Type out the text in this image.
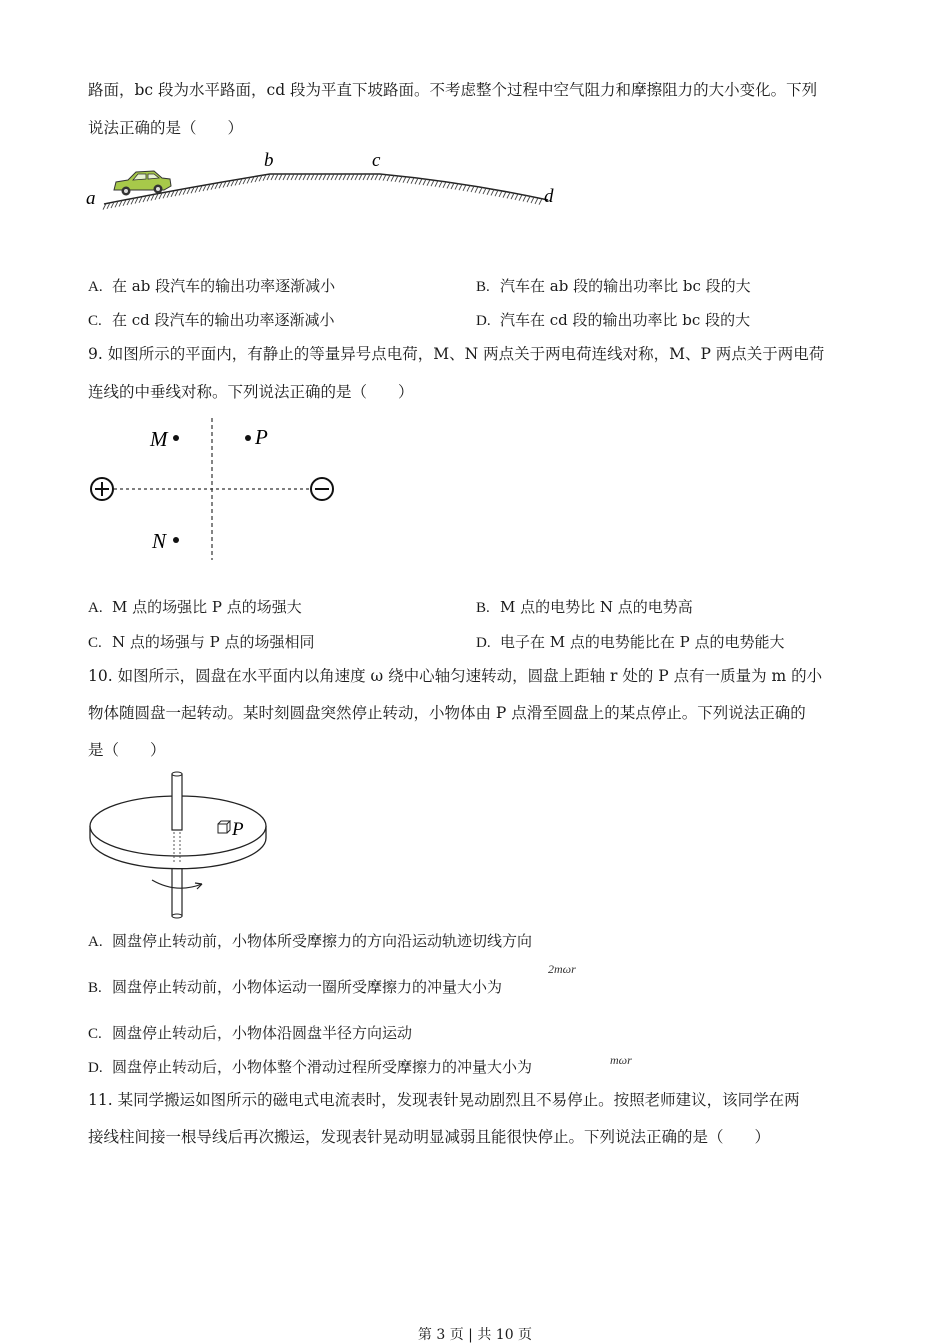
路面，bc 段为水平路面，cd 段为平直下坡路面。不考虑整个过程中空气阻力和摩擦阻力的大小变化。下列
说法正确的是（　　）
a
b	c
d
A. 在 ab 段汽车的输出功率逐渐减小	B. 汽车在 ab 段的输出功率比 bc 段的大
C. 在 cd 段汽车的输出功率逐渐减小	D. 汽车在 cd 段的输出功率比 bc 段的大
9. 如图所示的平面内，有静止的等量异号点电荷，M、N 两点关于两电荷连线对称，M、P 两点关于两电荷
连线的中垂线对称。下列说法正确的是（　　）
M	P
N
A. M 点的场强比 P 点的场强大	B. M 点的电势比 N 点的电势高
C. N 点的场强与 P 点的场强相同	D. 电子在 M 点的电势能比在 P 点的电势能大
10. 如图所示，圆盘在水平面内以角速度 ω 绕中心轴匀速转动，圆盘上距轴 r 处的 P 点有一质量为 m 的小
物体随圆盘一起转动。某时刻圆盘突然停止转动，小物体由 P 点滑至圆盘上的某点停止。下列说法正确的
是（　　）
P
A. 圆盘停止转动前，小物体所受摩擦力的方向沿运动轨迹切线方向
B. 圆盘停止转动前，小物体运动一圈所受摩擦力的冲量大小为
2mωr
C. 圆盘停止转动后，小物体沿圆盘半径方向运动
D. 圆盘停止转动后，小物体整个滑动过程所受摩擦力的冲量大小为	mωr
11. 某同学搬运如图所示的磁电式电流表时，发现表针晃动剧烈且不易停止。按照老师建议，该同学在两
接线柱间接一根导线后再次搬运，发现表针晃动明显减弱且能很快停止。下列说法正确的是（　　）
第 3 页 | 共 10 页
